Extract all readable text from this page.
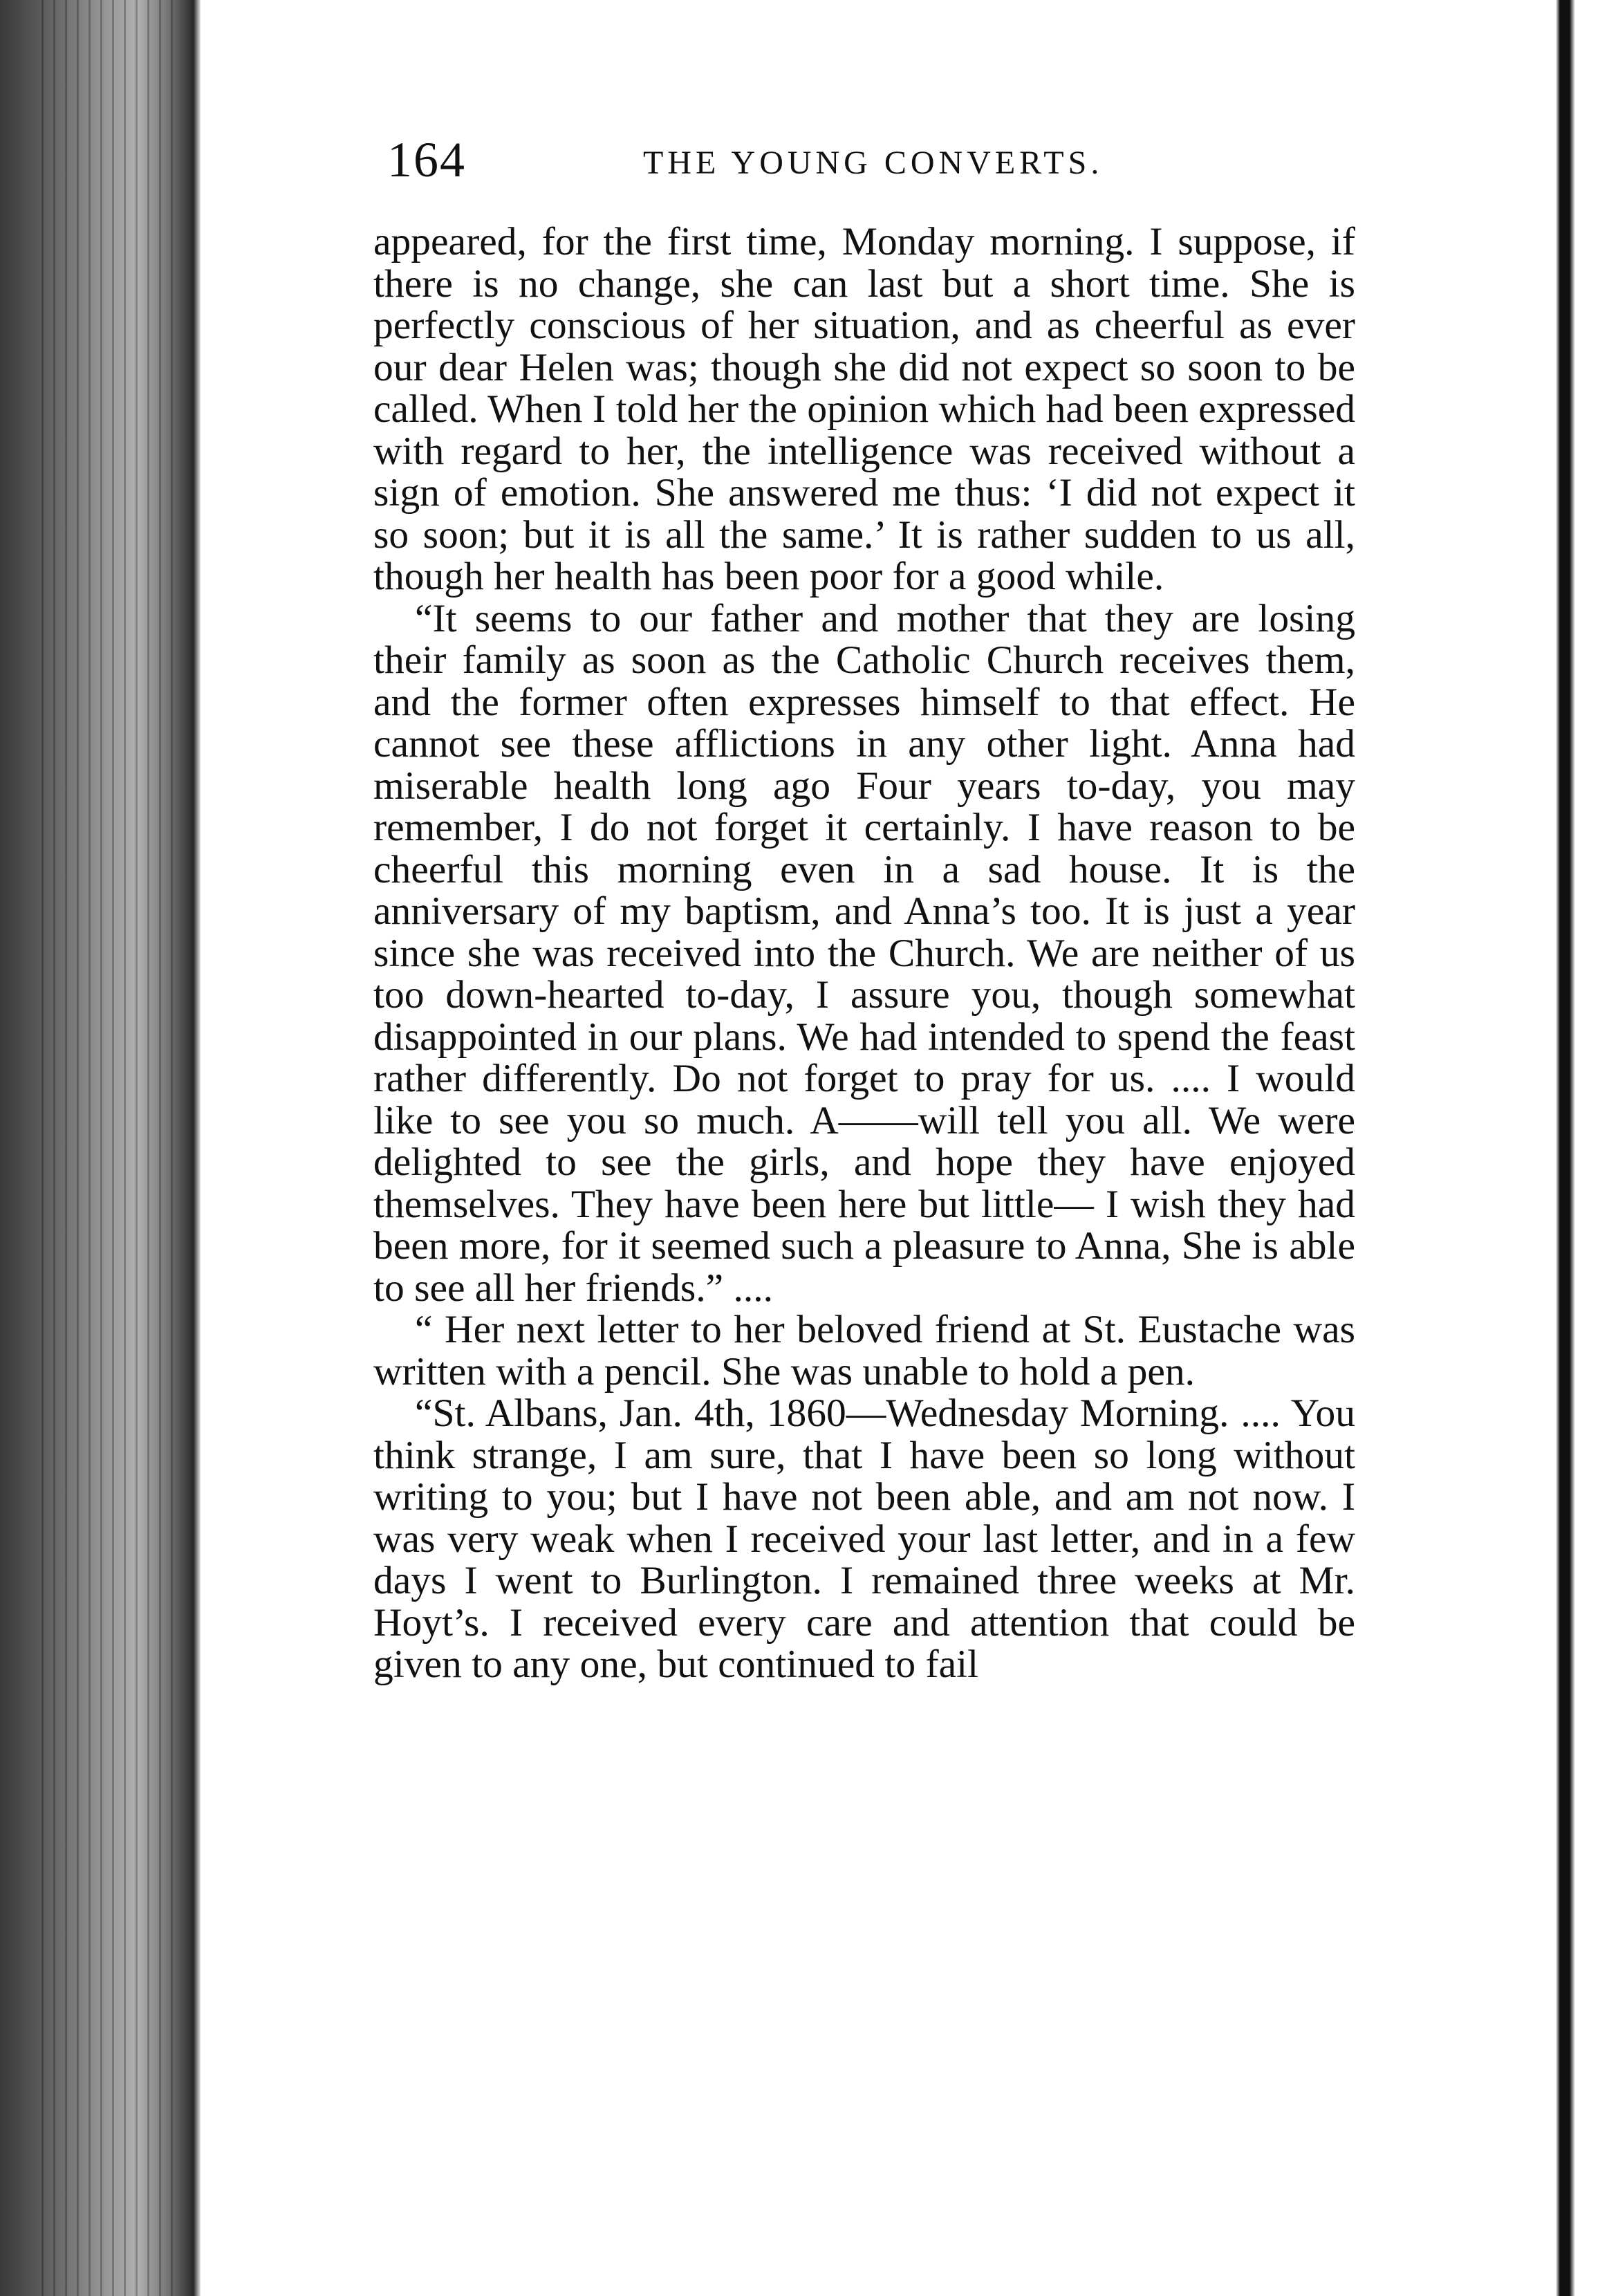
164	THE YOUNG CONVERTS.

appeared, for the first time, Monday morning. I suppose, if there is no change, she can last but a short time. She is perfectly conscious of her situation, and as cheerful as ever our dear Helen was; though she did not expect so soon to be called. When I told her the opinion which had been expressed with regard to her, the intelligence was received without a sign of emotion. She answered me thus: ‘I did not expect it so soon; but it is all the same.’ It is rather sudden to us all, though her health has been poor for a good while.

“It seems to our father and mother that they are losing their family as soon as the Catholic Church receives them, and the former often expresses himself to that effect. He cannot see these afflictions in any other light. Anna had miserable health long ago Four years to-day, you may remember, I do not forget it certainly. I have reason to be cheerful this morning even in a sad house. It is the anniversary of my baptism, and Anna’s too. It is just a year since she was received into the Church. We are neither of us too down-hearted to-day, I assure you, though somewhat disappointed in our plans. We had intended to spend the feast rather differently. Do not forget to pray for us. .... I would like to see you so much. A——will tell you all. We were delighted to see the girls, and hope they have enjoyed themselves. They have been here but little— I wish they had been more, for it seemed such a pleasure to Anna, She is able to see all her friends.” ....

“ Her next letter to her beloved friend at St. Eustache was written with a pencil. She was unable to hold a pen.

“St. Albans, Jan. 4th, 1860—Wednesday Morning. .... You think strange, I am sure, that I have been so long without writing to you; but I have not been able, and am not now. I was very weak when I received your last letter, and in a few days I went to Burlington. I remained three weeks at Mr. Hoyt’s. I received every care and attention that could be given to any one, but continued to fail
